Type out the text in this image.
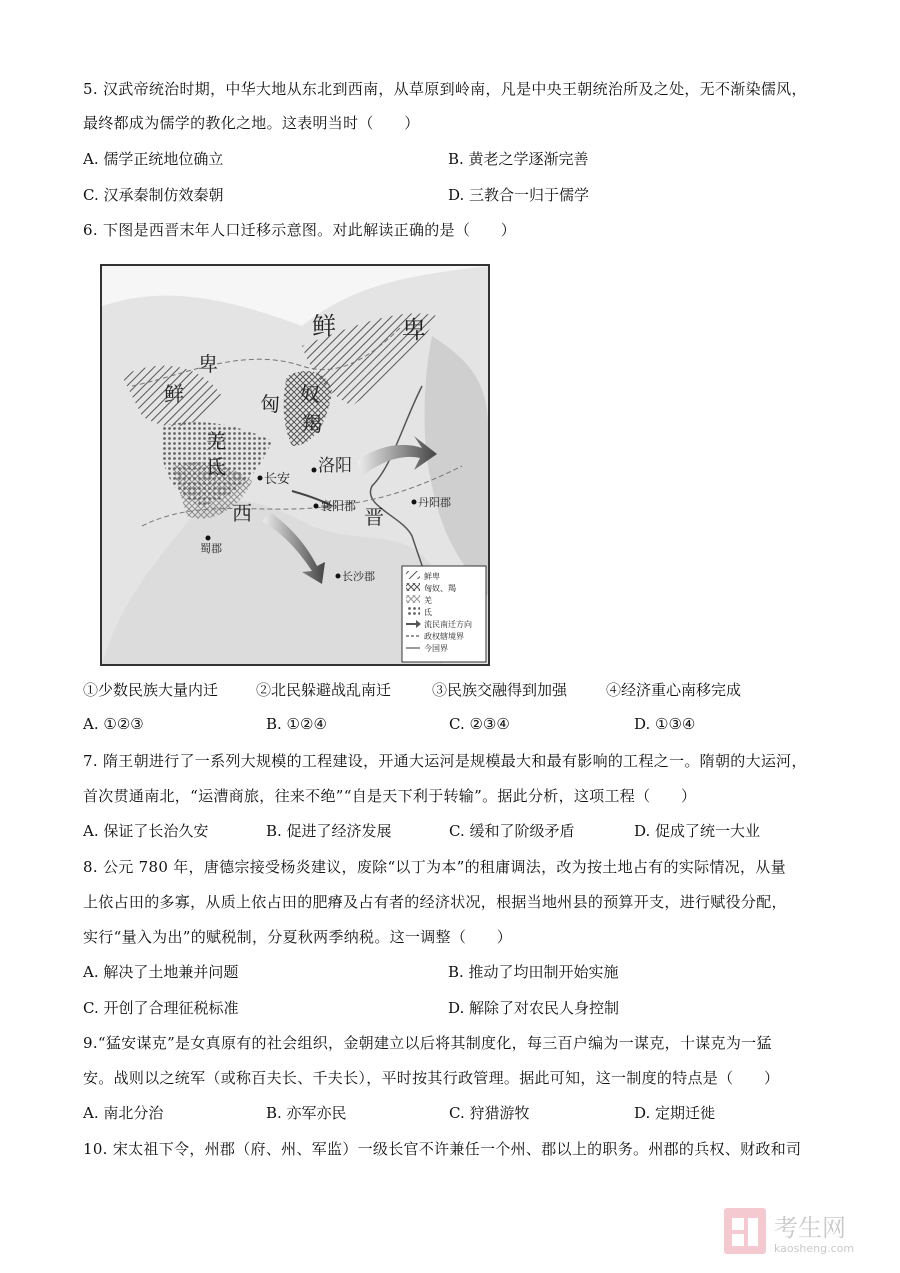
5. 汉武帝统治时期，中华大地从东北到西南，从草原到岭南，凡是中央王朝统治所及之处，无不渐染儒风，
最终都成为儒学的教化之地。这表明当时（　　）
A. 儒学正统地位确立	B. 黄老之学逐渐完善
C. 汉承秦制仿效秦朝	D. 三教合一归于儒学
6. 下图是西晋末年人口迁移示意图。对此解读正确的是（　　）
鲜	卑
鲜
卑
匈 奴
羯
羌
氐
西	晋
洛阳
长安
襄阳郡	丹阳郡
蜀郡
长沙郡	鲜卑
匈奴、羯
羌
氐
流民南迁方向
政权辖境界
今国界
①少数民族大量内迁	②北民躲避战乱南迁	③民族交融得到加强	④经济重心南移完成
A. ①②③	B. ①②④	C. ②③④	D. ①③④
7. 隋王朝进行了一系列大规模的工程建设，开通大运河是规模最大和最有影响的工程之一。隋朝的大运河，
首次贯通南北，“运漕商旅，往来不绝”“自是天下利于转输”。据此分析，这项工程（　　）
A. 保证了长治久安	B. 促进了经济发展	C. 缓和了阶级矛盾	D. 促成了统一大业
8. 公元 780 年，唐德宗接受杨炎建议，废除“以丁为本”的租庸调法，改为按土地占有的实际情况，从量
上依占田的多寡，从质上依占田的肥瘠及占有者的经济状况，根据当地州县的预算开支，进行赋役分配，
实行“量入为出”的赋税制，分夏秋两季纳税。这一调整（　　）
A. 解决了土地兼并问题	B. 推动了均田制开始实施
C. 开创了合理征税标准	D. 解除了对农民人身控制
9.“猛安谋克”是女真原有的社会组织，金朝建立以后将其制度化，每三百户编为一谋克，十谋克为一猛
安。战则以之统军（或称百夫长、千夫长），平时按其行政管理。据此可知，这一制度的特点是（　　）
A. 南北分治	B. 亦军亦民	C. 狩猎游牧	D. 定期迁徙
10. 宋太祖下令，州郡（府、州、军监）一级长官不许兼任一个州、郡以上的职务。州郡的兵权、财政和司
考生网
kaosheng.com
